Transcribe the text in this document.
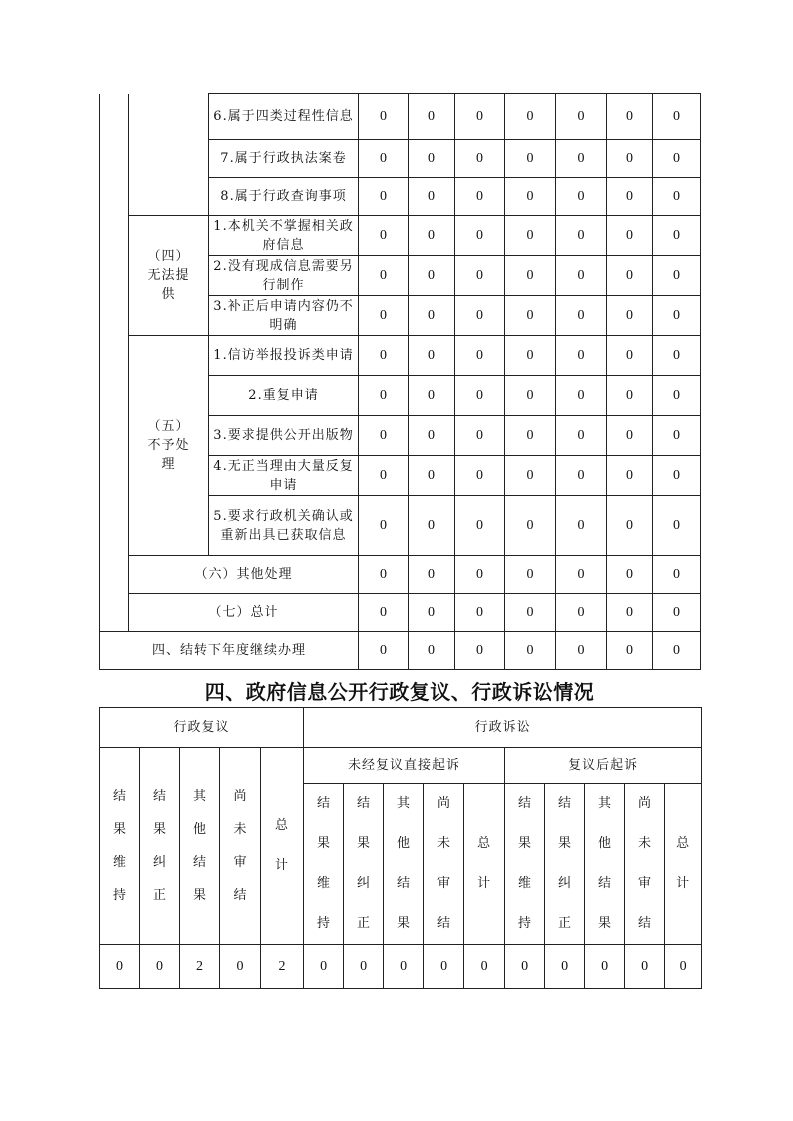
		6.属于四类过程性信息	0	0	0	0	0	0	0
		7.属于行政执法案卷	0	0	0	0	0	0	0
		8.属于行政查询事项	0	0	0	0	0	0	0
	（四）无法提供	1.本机关不掌握相关政府信息	0	0	0	0	0	0	0
		2.没有现成信息需要另行制作	0	0	0	0	0	0	0
		3.补正后申请内容仍不明确	0	0	0	0	0	0	0
	（五）不予处理	1.信访举报投诉类申请	0	0	0	0	0	0	0
		2.重复申请	0	0	0	0	0	0	0
		3.要求提供公开出版物	0	0	0	0	0	0	0
		4.无正当理由大量反复申请	0	0	0	0	0	0	0
		5.要求行政机关确认或重新出具已获取信息	0	0	0	0	0	0	0
	（六）其他处理		0	0	0	0	0	0	0
	（七）总计		0	0	0	0	0	0	0
四、结转下年度继续办理			0	0	0	0	0	0	0
四、政府信息公开行政复议、行政诉讼情况
行政复议					行政诉讼									
结果维持	结果纠正	其他结果	尚未审结	总计	未经复议直接起诉					复议后起诉				
					结果维持	结果纠正	其他结果	尚未审结	总计	结果维持	结果纠正	其他结果	尚未审结	总计
0	0	2	0	2	0	0	0	0	0	0	0	0	0	0
